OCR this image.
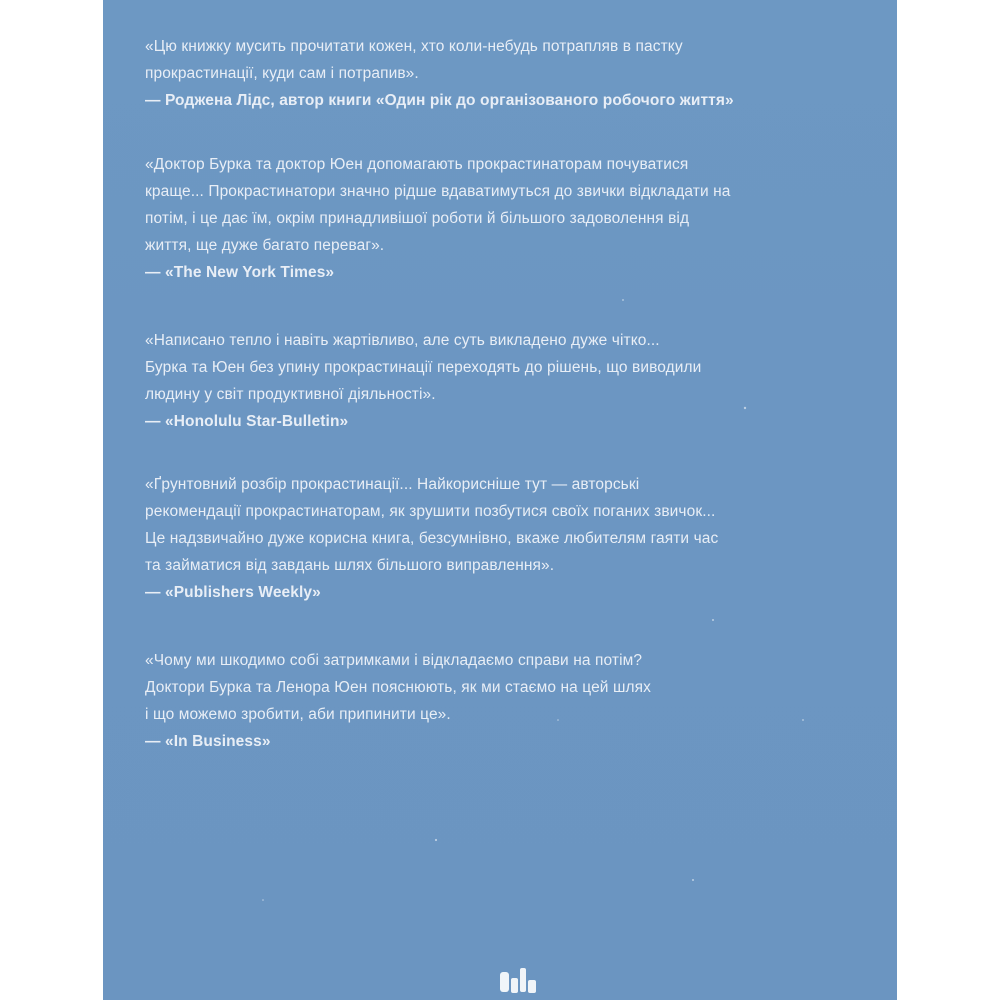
«Цю книжку мусить прочитати кожен, хто коли-небудь потрапляв в пастку
прокрастинації, куди сам і потрапив».
— Роджена Лідс, автор книги «Один рік до організованого робочого життя»
«Доктор Бурка та доктор Юен допомагають прокрастинаторам почуватися
краще... Прокрастинатори значно рідше вдаватимуться до звички відкладати на
потім, і це дає їм, окрім принадливішої роботи й більшого задоволення від
життя, ще дуже багато переваг».
— «The New York Times»
«Написано тепло і навіть жартівливо, але суть викладено дуже чітко...
Бурка та Юен без упину прокрастинації переходять до рішень, що виводили
людину у світ продуктивної діяльності».
— «Honolulu Star-Bulletin»
«Ґрунтовний розбір прокрастинації... Найкорисніше тут — авторські
рекомендації прокрастинаторам, як зрушити позбутися своїх поганих звичок...
Це надзвичайно дуже корисна книга, безсумнівно, вкаже любителям гаяти час
та займатися від завдань шлях більшого виправлення».
— «Publishers Weekly»
«Чому ми шкодимо собі затримками і відкладаємо справи на потім?
Доктори Бурка та Ленора Юен пояснюють, як ми стаємо на цей шлях
і що можемо зробити, аби припинити це».
— «In Business»
